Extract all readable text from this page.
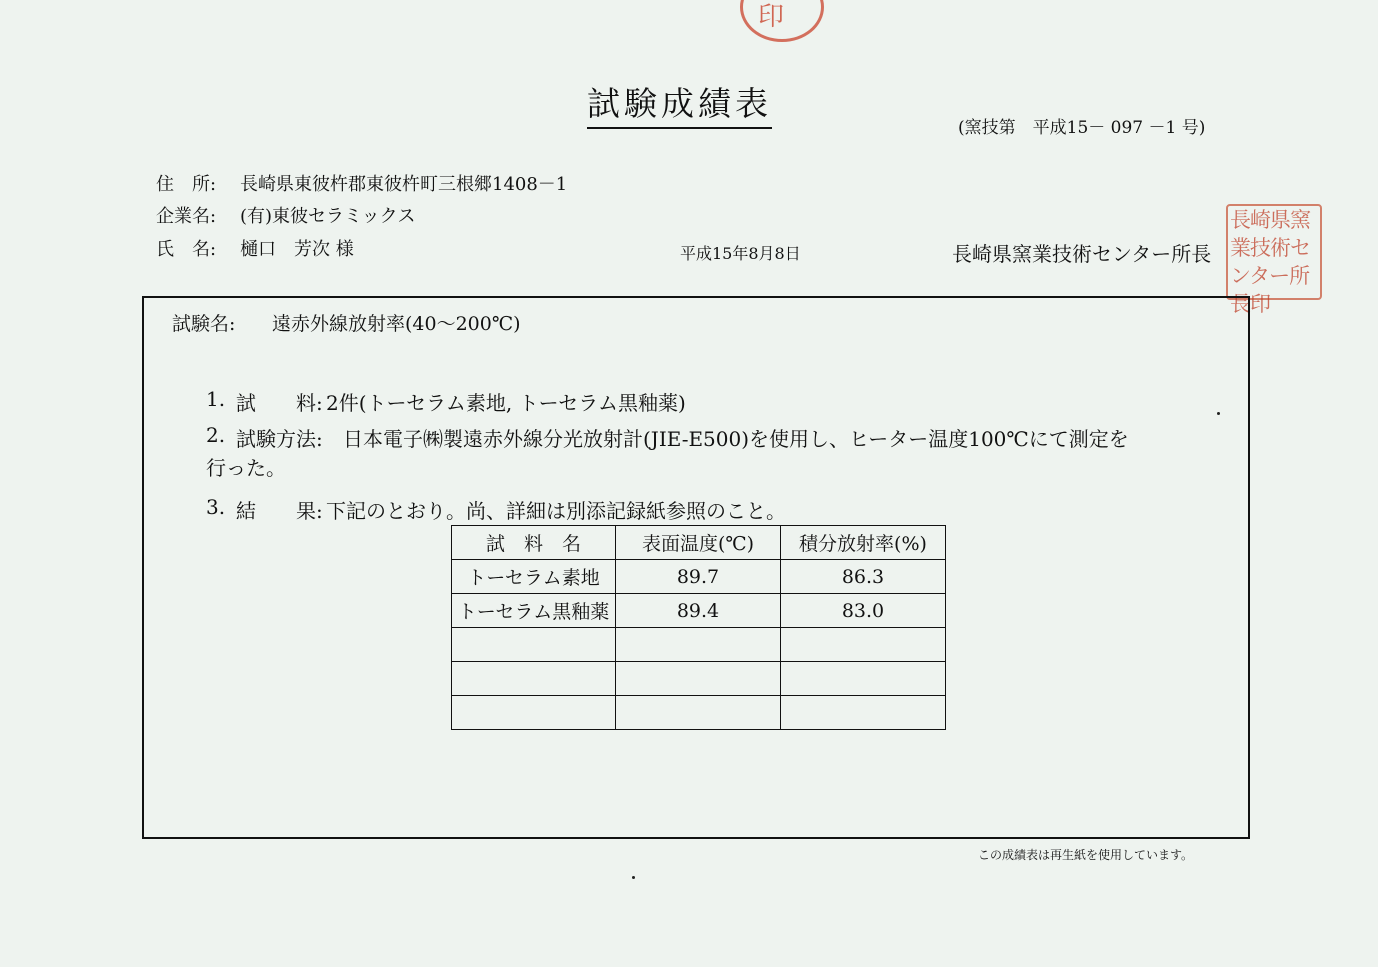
印
試験成績表
(窯技第　平成15－ 097 －1 号)
住　所: 長崎県東彼杵郡東彼杵町三根郷1408－1
企業名: (有)東彼セラミックス
氏　名: 樋口　芳次 様	平成15年8月8日	長崎県窯業技術センター所長
長崎県窯業技術センター所長印
試験名: 遠赤外線放射率(40～200℃)
1. 試　　料: 2件(トーセラム素地, トーセラム黒釉薬)
2. 試験方法: 日本電子㈱製遠赤外線分光放射計(JIE-E500)を使用し、ヒーター温度100℃にて測定を
行った。
3. 結　　果: 下記のとおり。尚、詳細は別添記録紙参照のこと。
試　料　名	表面温度(℃)	積分放射率(%)
トーセラム素地	89.7	86.3
トーセラム黒釉薬	89.4	83.0

この成績表は再生紙を使用しています。
